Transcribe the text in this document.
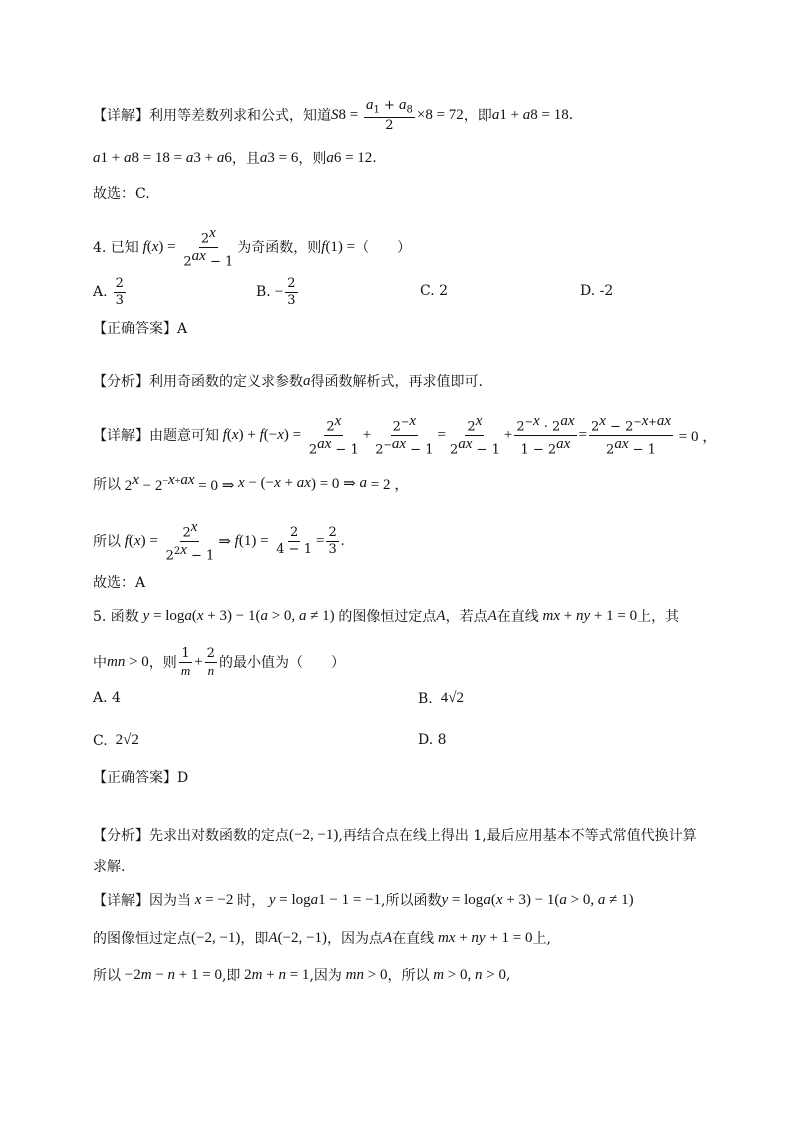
【详解】利用等差数列求和公式，知道 S $8 = \frac{a_1 + a_8}{2} \times 8 = 72$ ，即 a 1 + a 8 = 18 .
a 1 + a 8 = 18 = a 3 + a 6 ，且 a 3 = 6 ，则 a 6 = 12 .
故选：C.
4. 已知 f ( x ) = $\frac{2^x}{2^{ax} - 1}$ 为奇函数，则 f (1) = （　　）
A. $\frac{2}{3}$	B. − $\frac{2}{3}$	C. 2	D. -2
【正确答案】A
【分析】利用奇函数的定义求参数 a 得函数解析式，再求值即可.
【详解】由题意可知 f ( x ) + f (− x ) = $\frac{2^x}{2^{ax} - 1} + \frac{2^{-x}}{2^{-ax} - 1} = \frac{2^x}{2^{ax} - 1} + \frac{2^{-x} \cdot 2^{ax}}{1 - 2^{ax}} = \frac{2^x - 2^{-x+ax}}{2^{ax} - 1} = 0$ ，
所以 $2^x - 2^{-x+ax} = 0$ ⇒ x − (− x + ax ) = 0 ⇒ a = 2 ，
所以 f ( x ) = $\frac{2^x}{2^{2x} - 1}$ ⇒ f $(1) = \frac{2}{4 - 1} = \frac{2}{3}$ .
故选：A
5. 函数 y = log a ( x + 3) − 1( a > 0, a ≠ 1) 的图像恒过定点 A ，若点 A 在直线 mx + ny + 1 = 0 上，其
中 mn > 0 ，则 $\frac{1}{m} + \frac{2}{n}$ 的最小值为（　　）
A. 4	B. 4√2
C. 2√2	D. 8
【正确答案】D
【分析】先求出对数函数的定点 (−2, −1) ,再结合点在线上得出 1,最后应用基本不等式常值代换计算
求解.
【详解】因为当 x = −2 时， y = log a 1 − 1 = −1 ,所以函数 y = log a ( x + 3) − 1( a > 0, a ≠ 1)
的图像恒过定点 (−2, −1) ，即 A (−2, −1) ，因为点 A 在直线 mx + ny + 1 = 0 上,
所以 −2 m − n + 1 = 0 ,即 2 m + n = 1 ,因为 mn > 0 ，所以 m > 0, n > 0 ,
